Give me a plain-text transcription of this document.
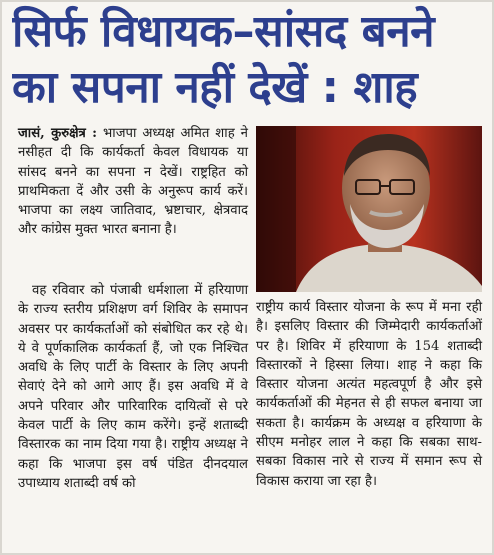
सिर्फ विधायक–सांसद बनने
का सपना नहीं देखें : शाह

जासं, कुरुक्षेत्र : भाजपा अध्यक्ष अमित शाह ने नसीहत दी कि कार्यकर्ता केवल विधायक या सांसद बनने का सपना न देखें। राष्ट्रहित को प्राथमिकता दें और उसी के अनुरूप कार्य करें। भाजपा का लक्ष्य जातिवाद, भ्रष्टाचार, क्षेत्रवाद और कांग्रेस मुक्त भारत बनाना है।

वह रविवार को पंजाबी धर्मशाला में हरियाणा के राज्य स्तरीय प्रशिक्षण वर्ग शिविर के समापन अवसर पर कार्यकर्ताओं को संबोधित कर रहे थे। ये वे पूर्णकालिक कार्यकर्ता हैं, जो एक निश्चित अवधि के लिए पार्टी के विस्तार के लिए अपनी सेवाएं देने को आगे आए हैं। इस अवधि में वे अपने परिवार और पारिवारिक दायित्वों से परे केवल पार्टी के लिए काम करेंगे। इन्हें शताब्दी विस्तारक का नाम दिया गया है। राष्ट्रीय अध्यक्ष ने कहा कि भाजपा इस वर्ष पंडित दीनदयाल उपाध्याय शताब्दी वर्ष को

राष्ट्रीय कार्य विस्तार योजना के रूप में मना रही है। इसलिए विस्तार की जिम्मेदारी कार्यकर्ताओं पर है। शिविर में हरियाणा के 154 शताब्दी विस्तारकों ने हिस्सा लिया। शाह ने कहा कि विस्तार योजना अत्यंत महत्वपूर्ण है और इसे कार्यकर्ताओं की मेहनत से ही सफल बनाया जा सकता है। कार्यक्रम के अध्यक्ष व हरियाणा के सीएम मनोहर लाल ने कहा कि सबका साथ-सबका विकास नारे से राज्य में समान रूप से विकास कराया जा रहा है।
